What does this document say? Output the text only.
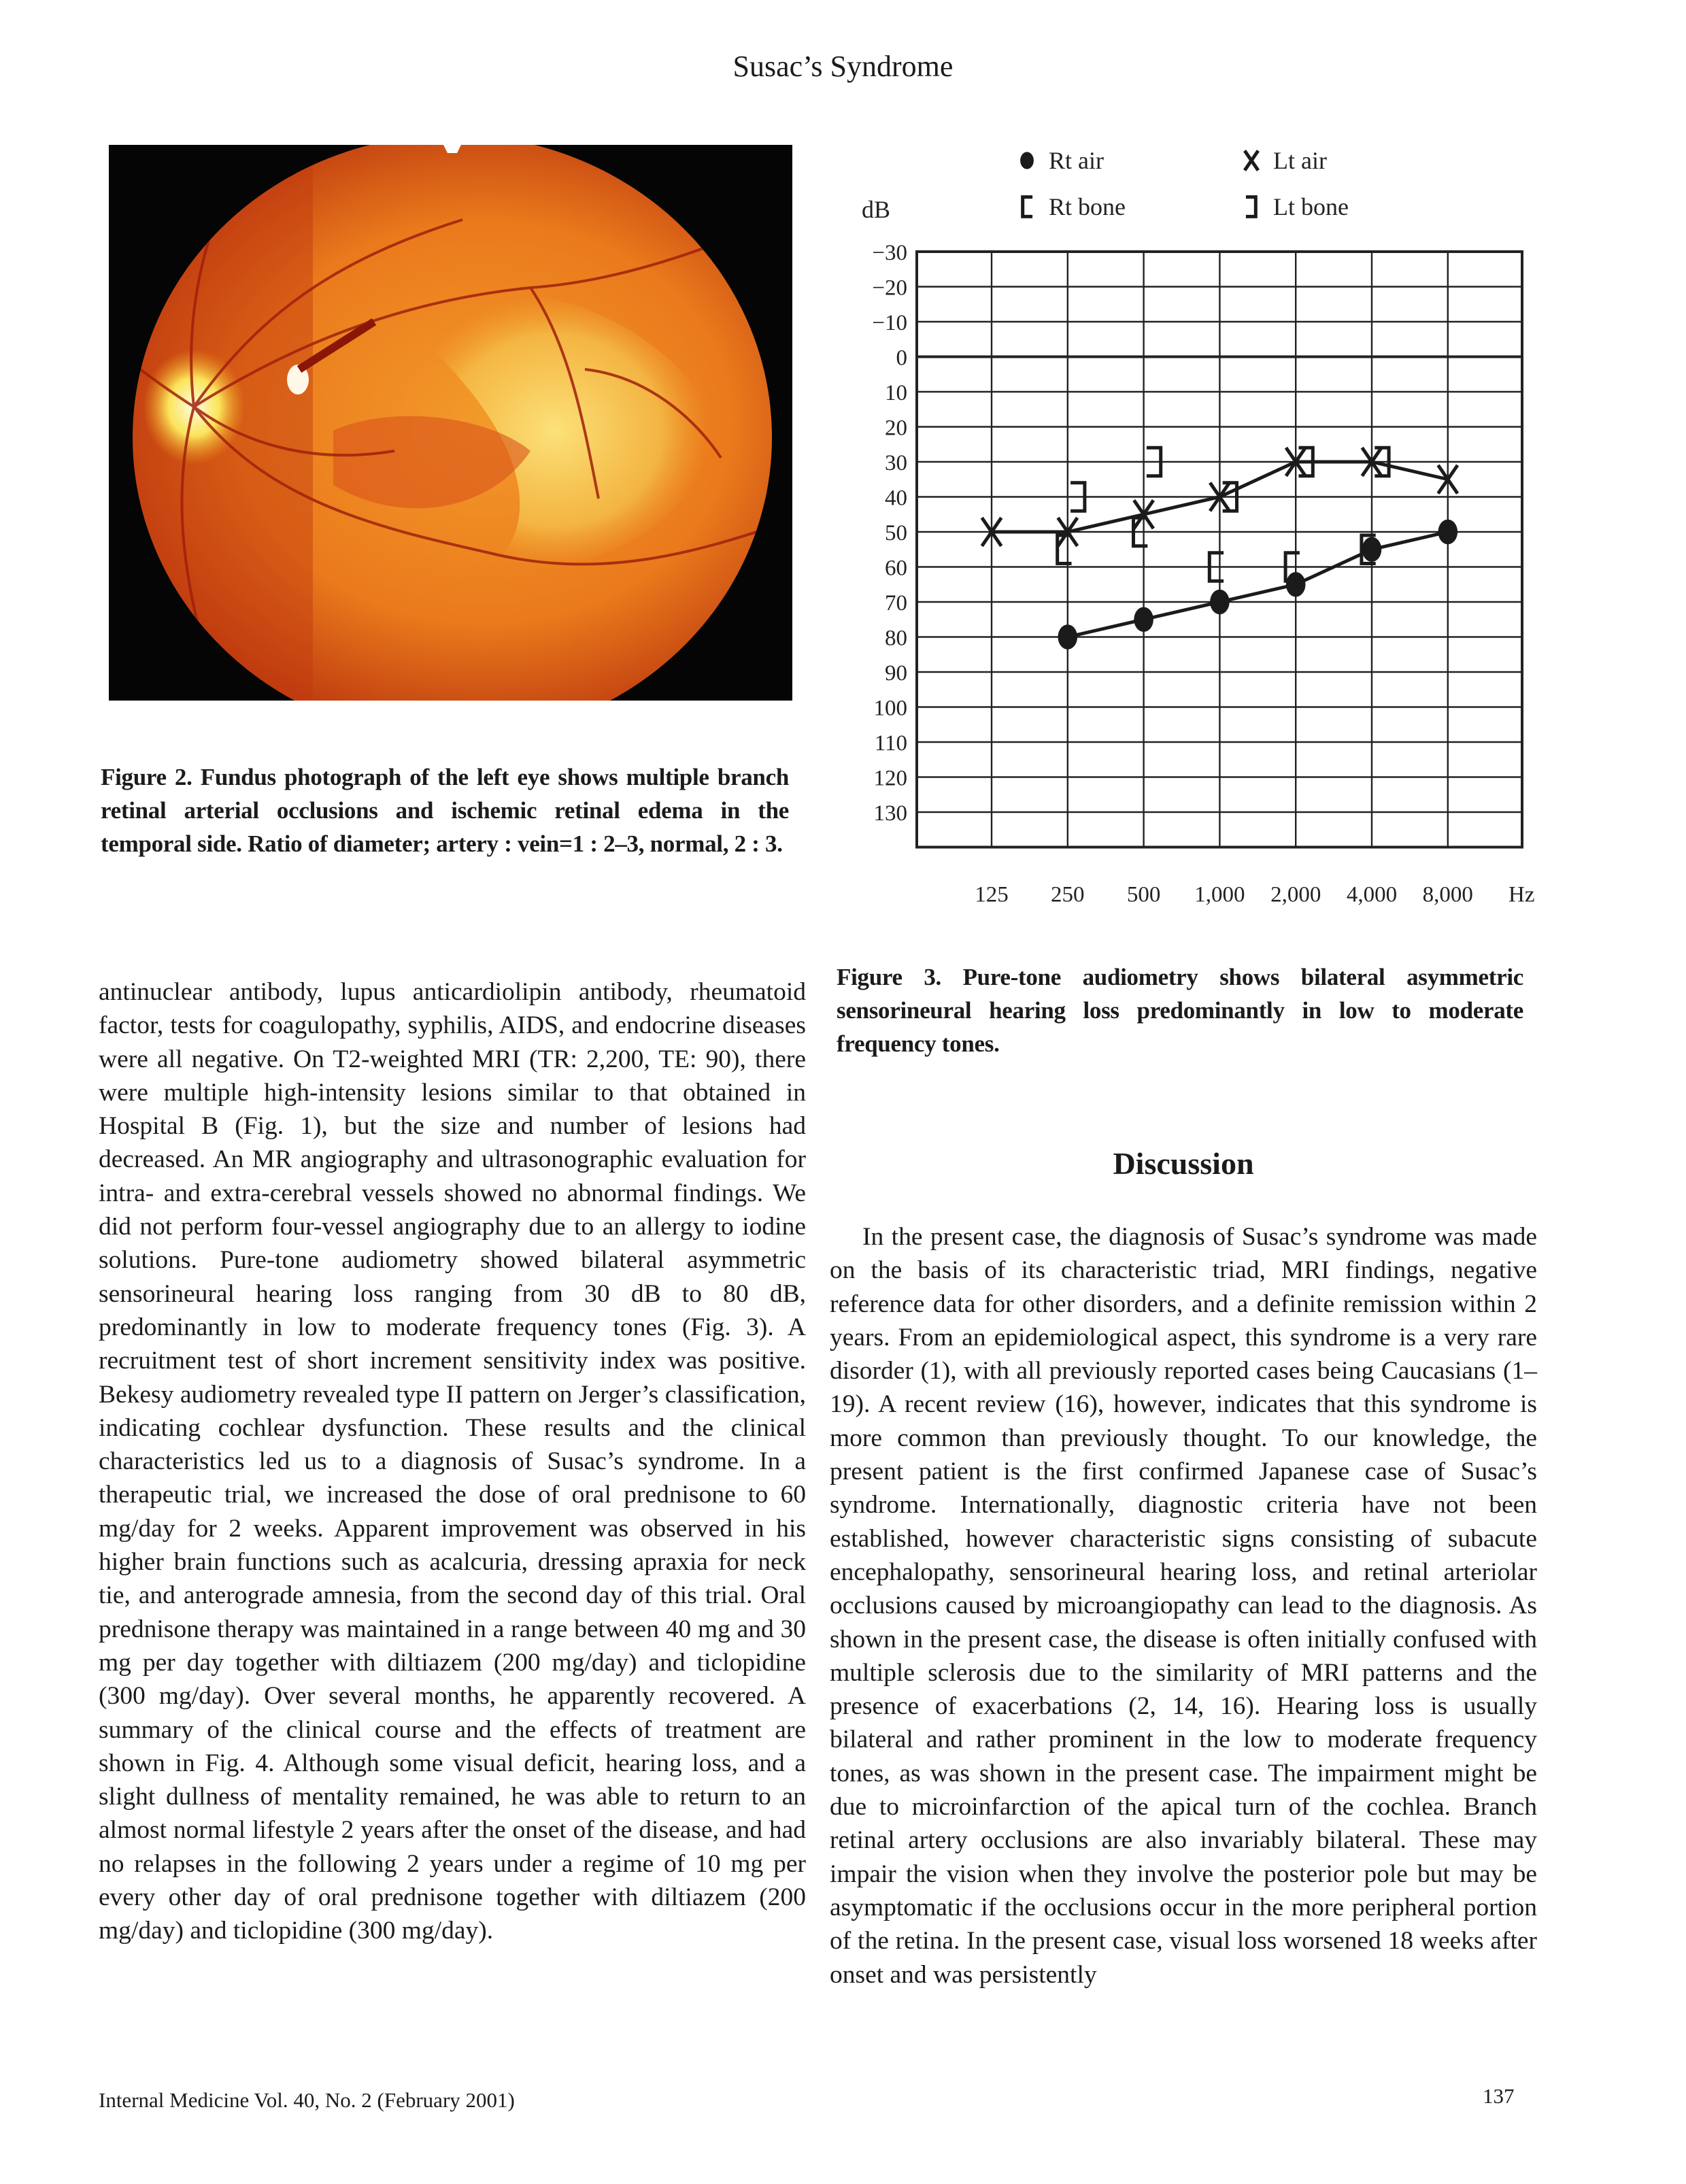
Susac’s Syndrome
Figure 2. Fundus photograph of the left eye shows multiple branch retinal arterial occlusions and ischemic retinal edema in the temporal side. Ratio of diameter; artery : vein=1 : 2–3, normal, 2 : 3.
−30
−20
−10
0
10
20
30
40
50
60
70
80
90
100
110
120
130
125 250 500 1,000 2,000 4,000 8,000 Hz
dB
Rt air	Lt air
Rt bone	Lt bone
Figure 3. Pure-tone audiometry shows bilateral asymmetric sensorineural hearing loss predominantly in low to moderate frequency tones.

antinuclear antibody, lupus anticardiolipin antibody, rheumatoid factor, tests for coagulopathy, syphilis, AIDS, and endocrine diseases were all negative. On T2-weighted MRI (TR: 2,200, TE: 90), there were multiple high-intensity lesions similar to that obtained in Hospital B (Fig. 1), but the size and number of lesions had decreased. An MR angiography and ultrasonographic evaluation for intra- and extra-cerebral vessels showed no abnormal findings. We did not perform four-vessel angiography due to an allergy to iodine solutions. Pure-tone audiometry showed bilateral asymmetric sensorineural hearing loss ranging from 30 dB to 80 dB, predominantly in low to moderate frequency tones (Fig. 3). A recruitment test of short increment sensitivity index was positive. Bekesy audiometry revealed type II pattern on Jerger’s classification, indicating cochlear dysfunction. These results and the clinical characteristics led us to a diagnosis of Susac’s syndrome. In a therapeutic trial, we increased the dose of oral prednisone to 60 mg/day for 2 weeks. Apparent improvement was observed in his higher brain functions such as acalcuria, dressing apraxia for neck tie, and anterograde amnesia, from the second day of this trial. Oral prednisone therapy was maintained in a range between 40 mg and 30 mg per day together with diltiazem (200 mg/day) and ticlopidine (300 mg/day). Over several months, he apparently recovered. A summary of the clinical course and the effects of treatment are shown in Fig. 4. Although some visual deficit, hearing loss, and a slight dullness of mentality remained, he was able to return to an almost normal lifestyle 2 years after the onset of the disease, and had no relapses in the following 2 years under a regime of 10 mg per every other day of oral prednisone together with diltiazem (200 mg/day) and ticlopidine (300 mg/day).

Discussion

In the present case, the diagnosis of Susac’s syndrome was made on the basis of its characteristic triad, MRI findings, negative reference data for other disorders, and a definite remission within 2 years. From an epidemiological aspect, this syndrome is a very rare disorder (1), with all previously reported cases being Caucasians (1–19). A recent review (16), however, indicates that this syndrome is more common than previously thought. To our knowledge, the present patient is the first confirmed Japanese case of Susac’s syndrome. Internationally, diagnostic criteria have not been established, however characteristic signs consisting of subacute encephalopathy, sensorineural hearing loss, and retinal arteriolar occlusions caused by microangiopathy can lead to the diagnosis. As shown in the present case, the disease is often initially confused with multiple sclerosis due to the similarity of MRI patterns and the presence of exacerbations (2, 14, 16). Hearing loss is usually bilateral and rather prominent in the low to moderate frequency tones, as was shown in the present case. The impairment might be due to microinfarction of the apical turn of the cochlea. Branch retinal artery occlusions are also invariably bilateral. These may impair the vision when they involve the posterior pole but may be asymptomatic if the occlusions occur in the more peripheral portion of the retina. In the present case, visual loss worsened 18 weeks after onset and was persistently

Internal Medicine Vol. 40, No. 2 (February 2001)	137
